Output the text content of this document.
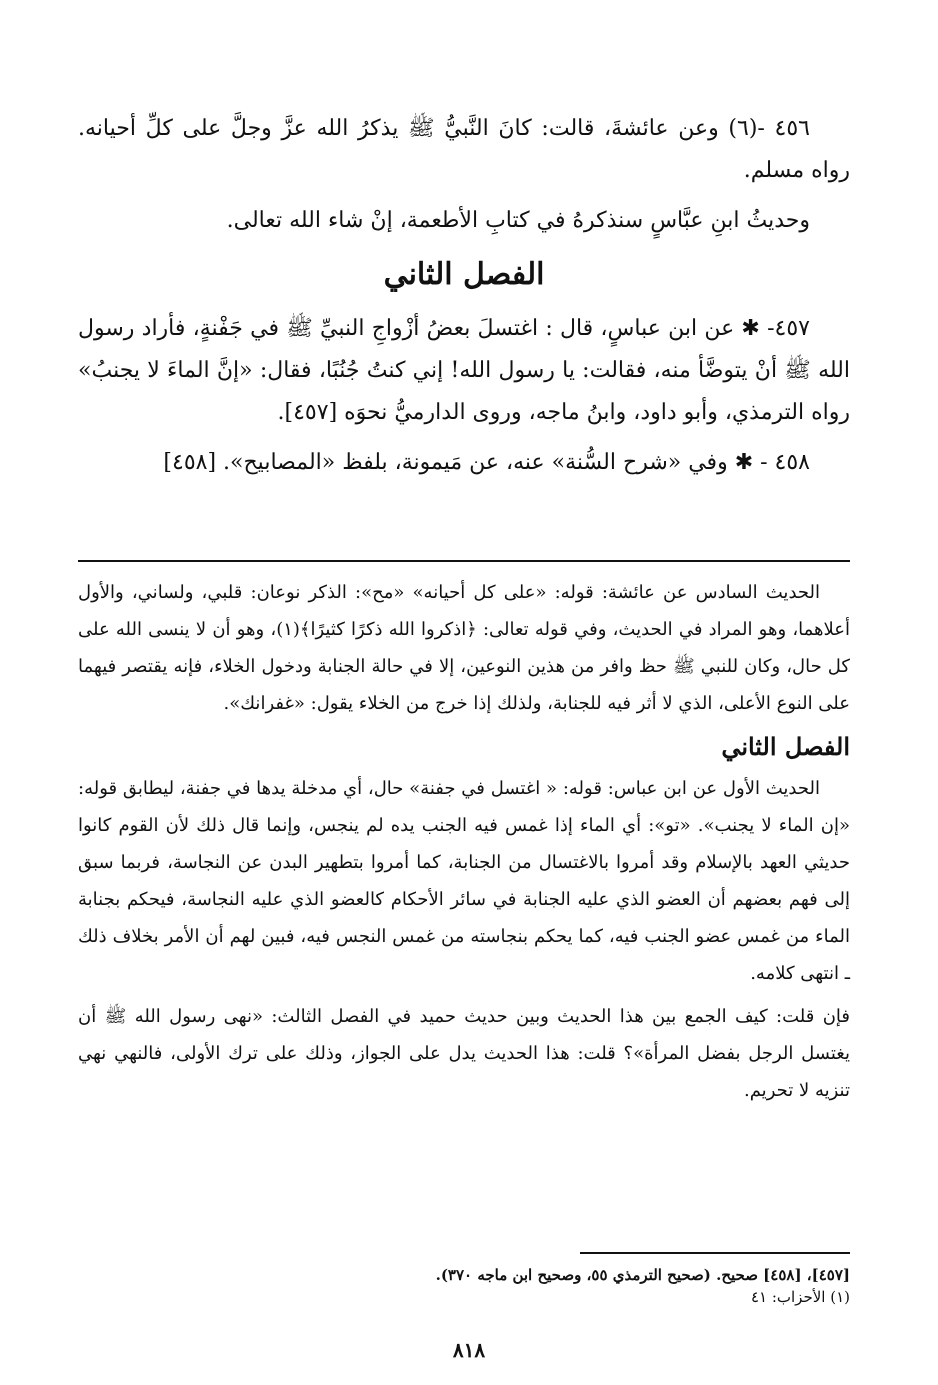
٤٥٦ -(٦) وعن عائشةَ، قالت: كانَ النَّبيُّ ﷺ يذكرُ الله عزَّ وجلَّ على كلِّ أحيانه. رواه مسلم.

وحديثُ ابنِ عبَّاسٍ سنذكرهُ في كتابِ الأطعمة، إنْ شاء الله تعالى.

الفصل الثاني

٤٥٧- ✱ عن ابن عباسٍ، قال : اغتسلَ بعضُ أزْواجِ النبيِّ ﷺ في جَفْنةٍ، فأراد رسول الله ﷺ أنْ يتوضَّأ منه، فقالت: يا رسول الله! إني كنتُ جُنُبًا، فقال: «إنَّ الماءَ لا يجنبُ» رواه الترمذي، وأبو داود، وابنُ ماجه، وروى الدارميُّ نحوَه [٤٥٧].

٤٥٨ - ✱ وفي «شرح السُّنة» عنه، عن مَيمونة، بلفظ «المصابيح». [٤٥٨]

الحديث السادس عن عائشة: قوله: «على كل أحيانه» «مح»: الذكر نوعان: قلبي، ولساني، والأول أعلاهما، وهو المراد في الحديث، وفي قوله تعالى: ﴿اذكروا الله ذكرًا كثيرًا﴾(١)، وهو أن لا ينسى الله على كل حال، وكان للنبي ﷺ حظ وافر من هذين النوعين، إلا في حالة الجنابة ودخول الخلاء، فإنه يقتصر فيهما على النوع الأعلى، الذي لا أثر فيه للجنابة، ولذلك إذا خرج من الخلاء يقول: «غفرانك».

الفصل الثاني

الحديث الأول عن ابن عباس: قوله: « اغتسل في جفنة» حال، أي مدخلة يدها في جفنة، ليطابق قوله: «إن الماء لا يجنب». «تو»: أي الماء إذا غمس فيه الجنب يده لم ينجس، وإنما قال ذلك لأن القوم كانوا حديثي العهد بالإسلام وقد أمروا بالاغتسال من الجنابة، كما أمروا بتطهير البدن عن النجاسة، فربما سبق إلى فهم بعضهم أن العضو الذي عليه الجنابة في سائر الأحكام كالعضو الذي عليه النجاسة، فيحكم بجنابة الماء من غمس عضو الجنب فيه، كما يحكم بنجاسته من غمس النجس فيه، فبين لهم أن الأمر بخلاف ذلك ـ انتهى كلامه.

فإن قلت: كيف الجمع بين هذا الحديث وبين حديث حميد في الفصل الثالث: «نهى رسول الله ﷺ أن يغتسل الرجل بفضل المرأة»؟ قلت: هذا الحديث يدل على الجواز، وذلك على ترك الأولى، فالنهي نهي تنزيه لا تحريم.

[٤٥٧]، [٤٥٨] صحيح. (صحيح الترمذي ٥٥، وصحيح ابن ماجه ٣٧٠).

(١) الأحزاب: ٤١

٨١٨
